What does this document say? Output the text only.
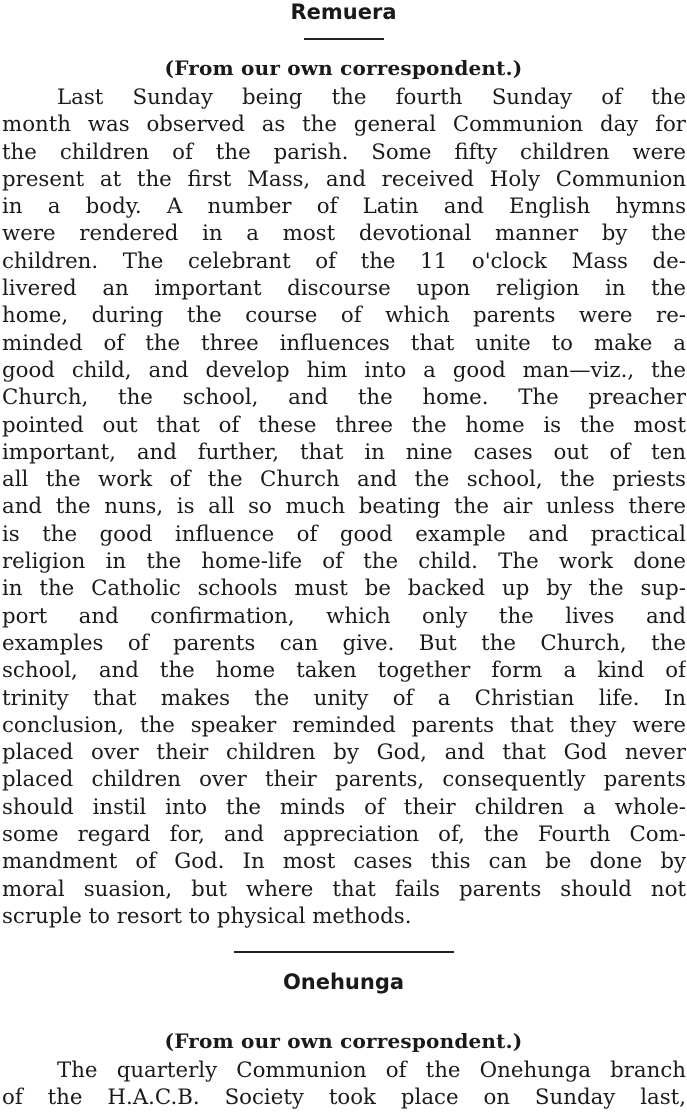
Remuera

(From our own correspondent.)

Last Sunday being the fourth Sunday of the
month was observed as the general Communion day for
the children of the parish. Some fifty children were
present at the first Mass, and received Holy Communion
in a body. A number of Latin and English hymns
were rendered in a most devotional manner by the
children. The celebrant of the 11 o'clock Mass de-
livered an important discourse upon religion in the
home, during the course of which parents were re-
minded of the three influences that unite to make a
good child, and develop him into a good man—viz., the
Church, the school, and the home. The preacher
pointed out that of these three the home is the most
important, and further, that in nine cases out of ten
all the work of the Church and the school, the priests
and the nuns, is all so much beating the air unless there
is the good influence of good example and practical
religion in the home-life of the child. The work done
in the Catholic schools must be backed up by the sup-
port and confirmation, which only the lives and
examples of parents can give. But the Church, the
school, and the home taken together form a kind of
trinity that makes the unity of a Christian life. In
conclusion, the speaker reminded parents that they were
placed over their children by God, and that God never
placed children over their parents, consequently parents
should instil into the minds of their children a whole-
some regard for, and appreciation of, the Fourth Com-
mandment of God. In most cases this can be done by
moral suasion, but where that fails parents should not
scruple to resort to physical methods.
Onehunga

(From our own correspondent.)

The quarterly Communion of the Onehunga branch
of the H.A.C.B. Society took place on Sunday last,
